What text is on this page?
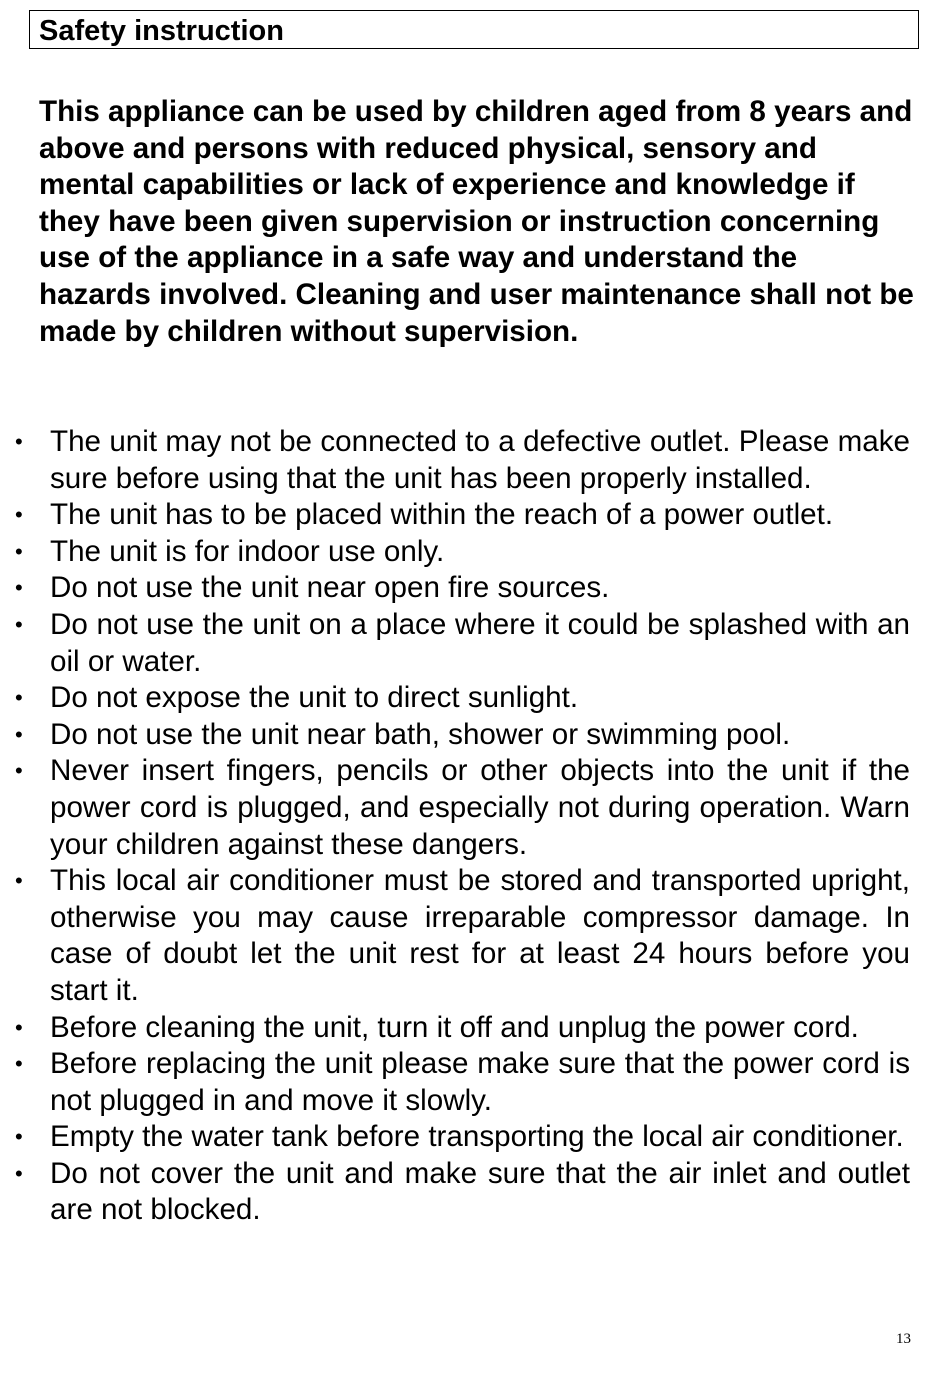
Safety instruction

This appliance can be used by children aged from 8 years and above and persons with reduced physical, sensory and mental capabilities or lack of experience and knowledge if they have been given supervision or instruction concerning use of the appliance in a safe way and understand the hazards involved. Cleaning and user maintenance shall not be made by children without supervision.

• The unit may not be connected to a defective outlet. Please make sure before using that the unit has been properly installed.
• The unit has to be placed within the reach of a power outlet.
• The unit is for indoor use only.
• Do not use the unit near open fire sources.
• Do not use the unit on a place where it could be splashed with an oil or water.
• Do not expose the unit to direct sunlight.
• Do not use the unit near bath, shower or swimming pool.
• Never insert fingers, pencils or other objects into the unit if the power cord is plugged, and especially not during operation. Warn your children against these dangers.
• This local air conditioner must be stored and transported upright, otherwise you may cause irreparable compressor damage. In case of doubt let the unit rest for at least 24 hours before you start it.
• Before cleaning the unit, turn it off and unplug the power cord.
• Before replacing the unit please make sure that the power cord is not plugged in and move it slowly.
• Empty the water tank before transporting the local air conditioner.
• Do not cover the unit and make sure that the air inlet and outlet are not blocked.
13
